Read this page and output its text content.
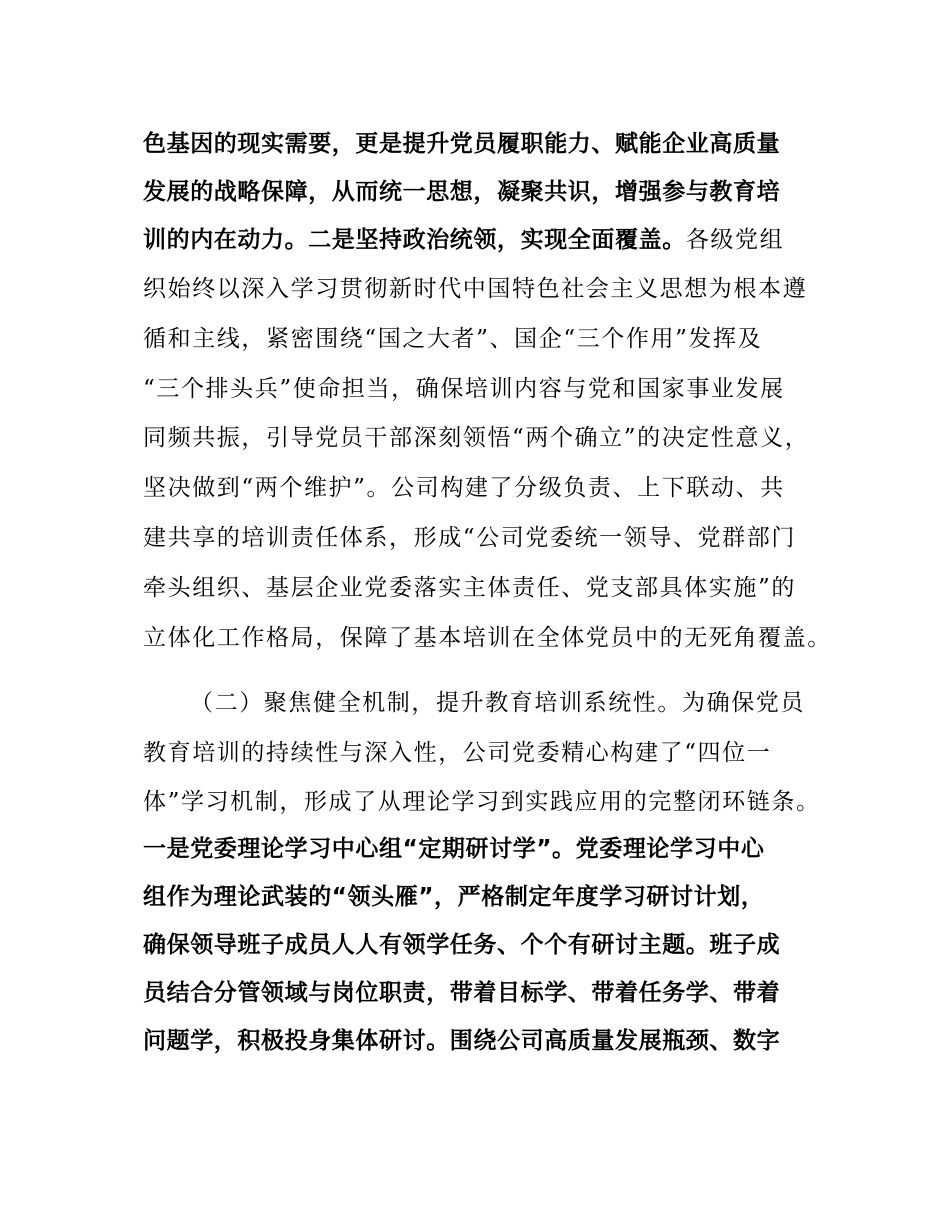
色基因的现实需要，更是提升党员履职能力、赋能企业高质量
发展的战略保障，从而统一思想，凝聚共识，增强参与教育培
训的内在动力。二是坚持政治统领，实现全面覆盖。各级党组
织始终以深入学习贯彻新时代中国特色社会主义思想为根本遵
循和主线，紧密围绕“国之大者”、国企“三个作用”发挥及
“三个排头兵”使命担当，确保培训内容与党和国家事业发展
同频共振，引导党员干部深刻领悟“两个确立”的决定性意义，
坚决做到“两个维护”。公司构建了分级负责、上下联动、共
建共享的培训责任体系，形成“公司党委统一领导、党群部门
牵头组织、基层企业党委落实主体责任、党支部具体实施”的
立体化工作格局，保障了基本培训在全体党员中的无死角覆盖。
（二）聚焦健全机制，提升教育培训系统性。为确保党员
教育培训的持续性与深入性，公司党委精心构建了“四位一
体”学习机制，形成了从理论学习到实践应用的完整闭环链条。
一是党委理论学习中心组“定期研讨学”。党委理论学习中心
组作为理论武装的“领头雁”，严格制定年度学习研讨计划，
确保领导班子成员人人有领学任务、个个有研讨主题。班子成
员结合分管领域与岗位职责，带着目标学、带着任务学、带着
问题学，积极投身集体研讨。围绕公司高质量发展瓶颈、数字
